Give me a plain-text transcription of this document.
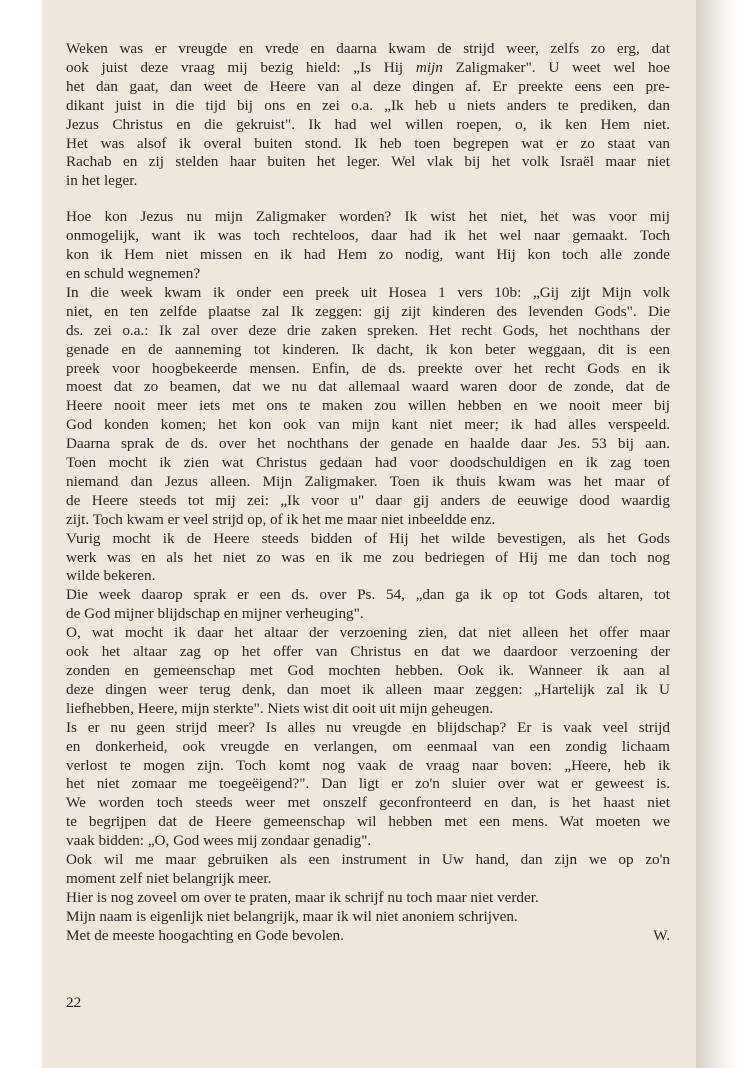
Weken was er vreugde en vrede en daarna kwam de strijd weer, zelfs zo erg, dat
ook juist deze vraag mij bezig hield: „Is Hij mijn Zaligmaker". U weet wel hoe
het dan gaat, dan weet de Heere van al deze dingen af. Er preekte eens een pre-
dikant juist in die tijd bij ons en zei o.a. „Ik heb u niets anders te prediken, dan
Jezus Christus en die gekruist". Ik had wel willen roepen, o, ik ken Hem niet.
Het was alsof ik overal buiten stond. Ik heb toen begrepen wat er zo staat van
Rachab en zij stelden haar buiten het leger. Wel vlak bij het volk Israël maar niet
in het leger.

Hoe kon Jezus nu mijn Zaligmaker worden? Ik wist het niet, het was voor mij
onmogelijk, want ik was toch rechteloos, daar had ik het wel naar gemaakt. Toch
kon ik Hem niet missen en ik had Hem zo nodig, want Hij kon toch alle zonde
en schuld wegnemen?

In die week kwam ik onder een preek uit Hosea 1 vers 10b: „Gij zijt Mijn volk
niet, en ten zelfde plaatse zal Ik zeggen: gij zijt kinderen des levenden Gods". Die
ds. zei o.a.: Ik zal over deze drie zaken spreken. Het recht Gods, het nochthans der
genade en de aanneming tot kinderen. Ik dacht, ik kon beter weggaan, dit is een
preek voor hoogbekeerde mensen. Enfin, de ds. preekte over het recht Gods en ik
moest dat zo beamen, dat we nu dat allemaal waard waren door de zonde, dat de
Heere nooit meer iets met ons te maken zou willen hebben en we nooit meer bij
God konden komen; het kon ook van mijn kant niet meer; ik had alles verspeeld.
Daarna sprak de ds. over het nochthans der genade en haalde daar Jes. 53 bij aan.
Toen mocht ik zien wat Christus gedaan had voor doodschuldigen en ik zag toen
niemand dan Jezus alleen. Mijn Zaligmaker. Toen ik thuis kwam was het maar of
de Heere steeds tot mij zei: „Ik voor u" daar gij anders de eeuwige dood waardig
zijt. Toch kwam er veel strijd op, of ik het me maar niet inbeeldde enz.

Vurig mocht ik de Heere steeds bidden of Hij het wilde bevestigen, als het Gods
werk was en als het niet zo was en ik me zou bedriegen of Hij me dan toch nog
wilde bekeren.

Die week daarop sprak er een ds. over Ps. 54, „dan ga ik op tot Gods altaren, tot
de God mijner blijdschap en mijner verheuging".

O, wat mocht ik daar het altaar der verzoening zien, dat niet alleen het offer maar
ook het altaar zag op het offer van Christus en dat we daardoor verzoening der
zonden en gemeenschap met God mochten hebben. Ook ik. Wanneer ik aan al
deze dingen weer terug denk, dan moet ik alleen maar zeggen: „Hartelijk zal ik U
liefhebben, Heere, mijn sterkte". Niets wist dit ooit uit mijn geheugen.

Is er nu geen strijd meer? Is alles nu vreugde en blijdschap? Er is vaak veel strijd
en donkerheid, ook vreugde en verlangen, om eenmaal van een zondig lichaam
verlost te mogen zijn. Toch komt nog vaak de vraag naar boven: „Heere, heb ik
het niet zomaar me toegeëigend?". Dan ligt er zo'n sluier over wat er geweest is.
We worden toch steeds weer met onszelf geconfronteerd en dan, is het haast niet
te begrijpen dat de Heere gemeenschap wil hebben met een mens. Wat moeten we
vaak bidden: „O, God wees mij zondaar genadig".

Ook wil me maar gebruiken als een instrument in Uw hand, dan zijn we op zo'n
moment zelf niet belangrijk meer.

Hier is nog zoveel om over te praten, maar ik schrijf nu toch maar niet verder.

Mijn naam is eigenlijk niet belangrijk, maar ik wil niet anoniem schrijven.

Met de meeste hoogachting en Gode bevolen.	W.
22
